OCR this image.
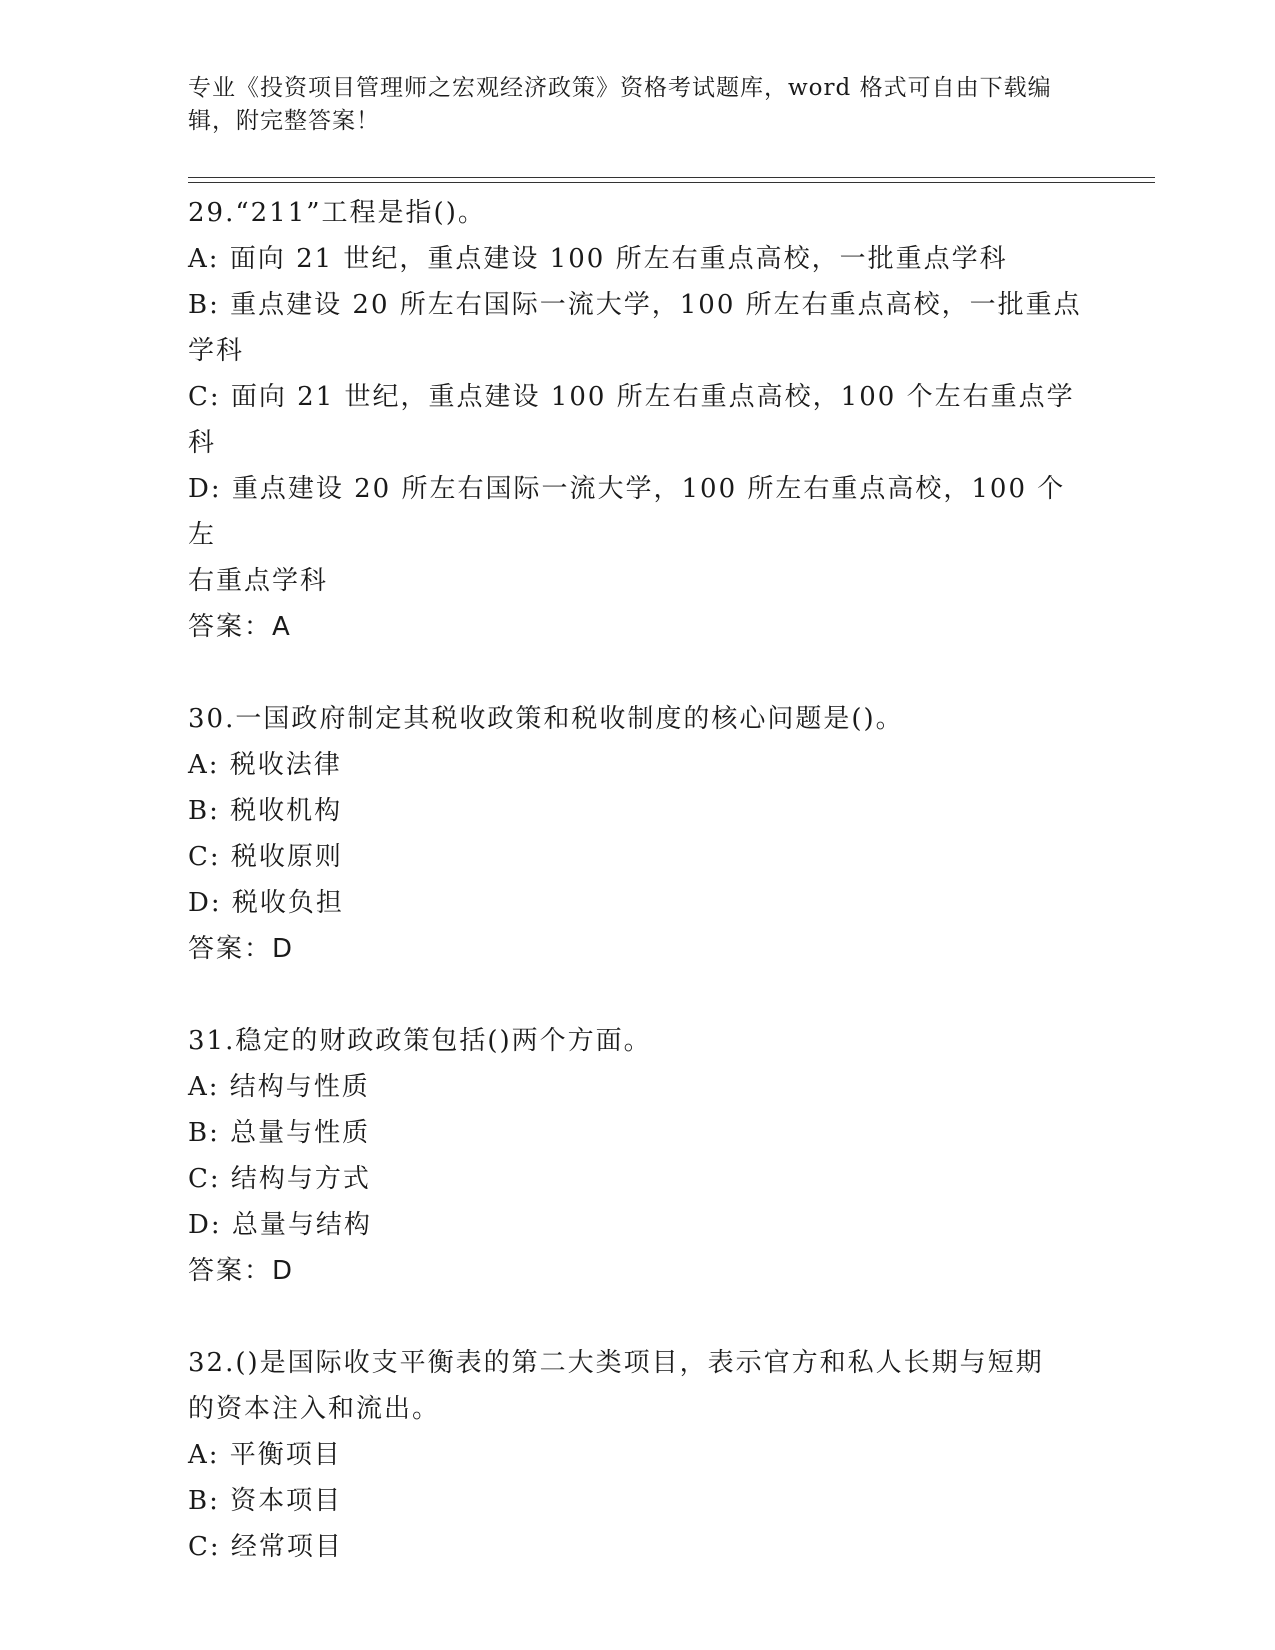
专业《投资项目管理师之宏观经济政策》资格考试题库，word 格式可自由下载编
辑，附完整答案！
29.“211”工程是指()。
A: 面向 21 世纪，重点建设 100 所左右重点高校，一批重点学科
B: 重点建设 20 所左右国际一流大学，100 所左右重点高校，一批重点
学科
C: 面向 21 世纪，重点建设 100 所左右重点高校，100 个左右重点学科
D: 重点建设 20 所左右国际一流大学，100 所左右重点高校，100 个左
右重点学科
答案：A
30.一国政府制定其税收政策和税收制度的核心问题是()。
A: 税收法律
B: 税收机构
C: 税收原则
D: 税收负担
答案：D
31.稳定的财政政策包括()两个方面。
A: 结构与性质
B: 总量与性质
C: 结构与方式
D: 总量与结构
答案：D
32.()是国际收支平衡表的第二大类项目，表示官方和私人长期与短期
的资本注入和流出。
A: 平衡项目
B: 资本项目
C: 经常项目
